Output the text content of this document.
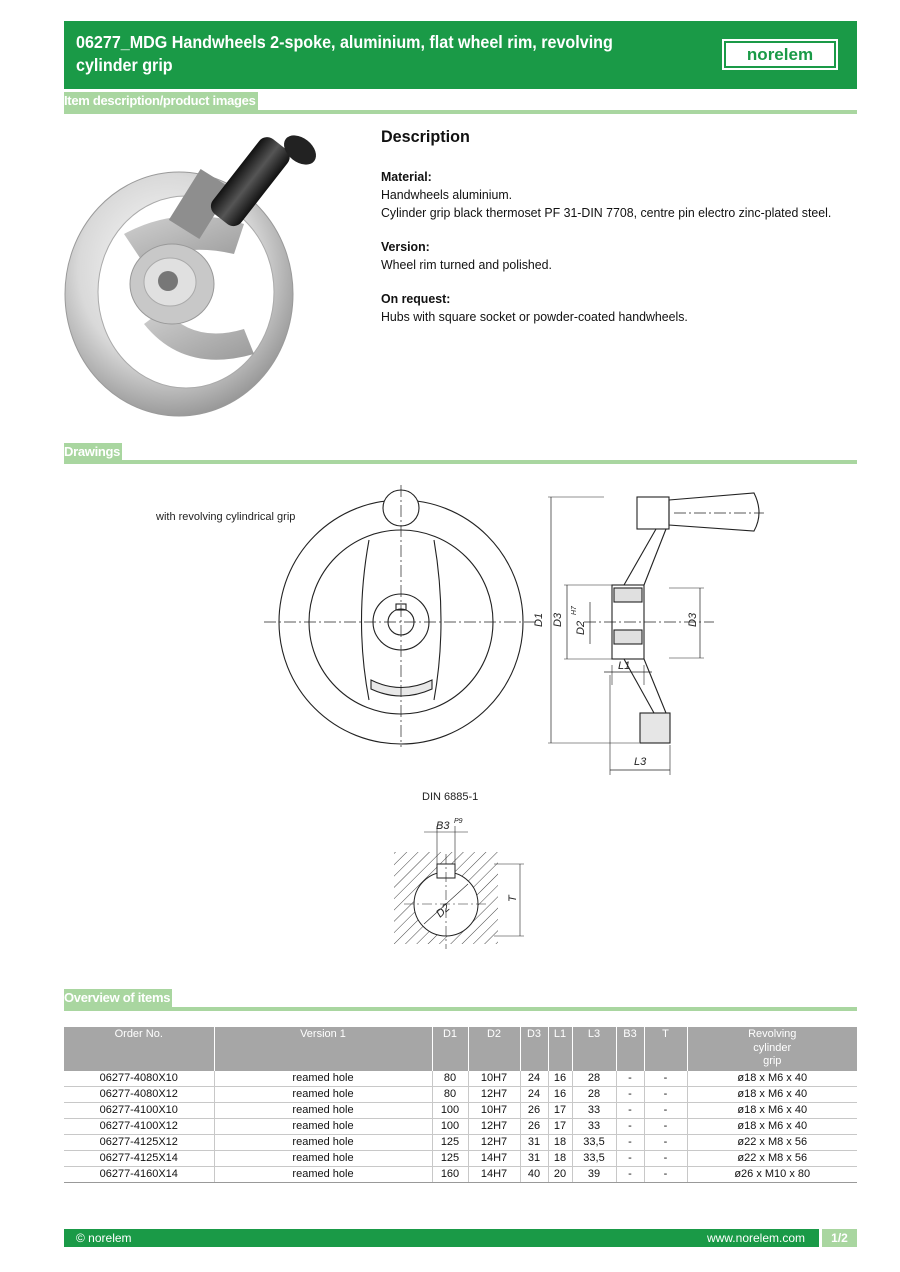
06277_MDG Handwheels 2-spoke, aluminium, flat wheel rim, revolving cylinder grip
norelem
Item description/product images
Description
Material:
Handwheels aluminium.
Cylinder grip black thermoset PF 31-DIN 7708, centre pin electro zinc-plated steel.
Version:
Wheel rim turned and polished.
On request:
Hubs with square socket or powder-coated handwheels.
Drawings
with revolving cylindrical grip
D1 D3
D2
H7
D3
L1
L3
DIN 6885-1
B3 P9
D2
T
Overview of items
Order No.	Version 1	D1	D2	D3	L1	L3	B3	T	Revolving
cylinder
grip
06277-4080X10	reamed hole	80	10H7	24	16	28	-	-	ø18 x M6 x 40
06277-4080X12	reamed hole	80	12H7	24	16	28	-	-	ø18 x M6 x 40
06277-4100X10	reamed hole	100	10H7	26	17	33	-	-	ø18 x M6 x 40
06277-4100X12	reamed hole	100	12H7	26	17	33	-	-	ø18 x M6 x 40
06277-4125X12	reamed hole	125	12H7	31	18	33,5	-	-	ø22 x M8 x 56
06277-4125X14	reamed hole	125	14H7	31	18	33,5	-	-	ø22 x M8 x 56
06277-4160X14	reamed hole	160	14H7	40	20	39	-	-	ø26 x M10 x 80
© norelem	www.norelem.com	1/2
